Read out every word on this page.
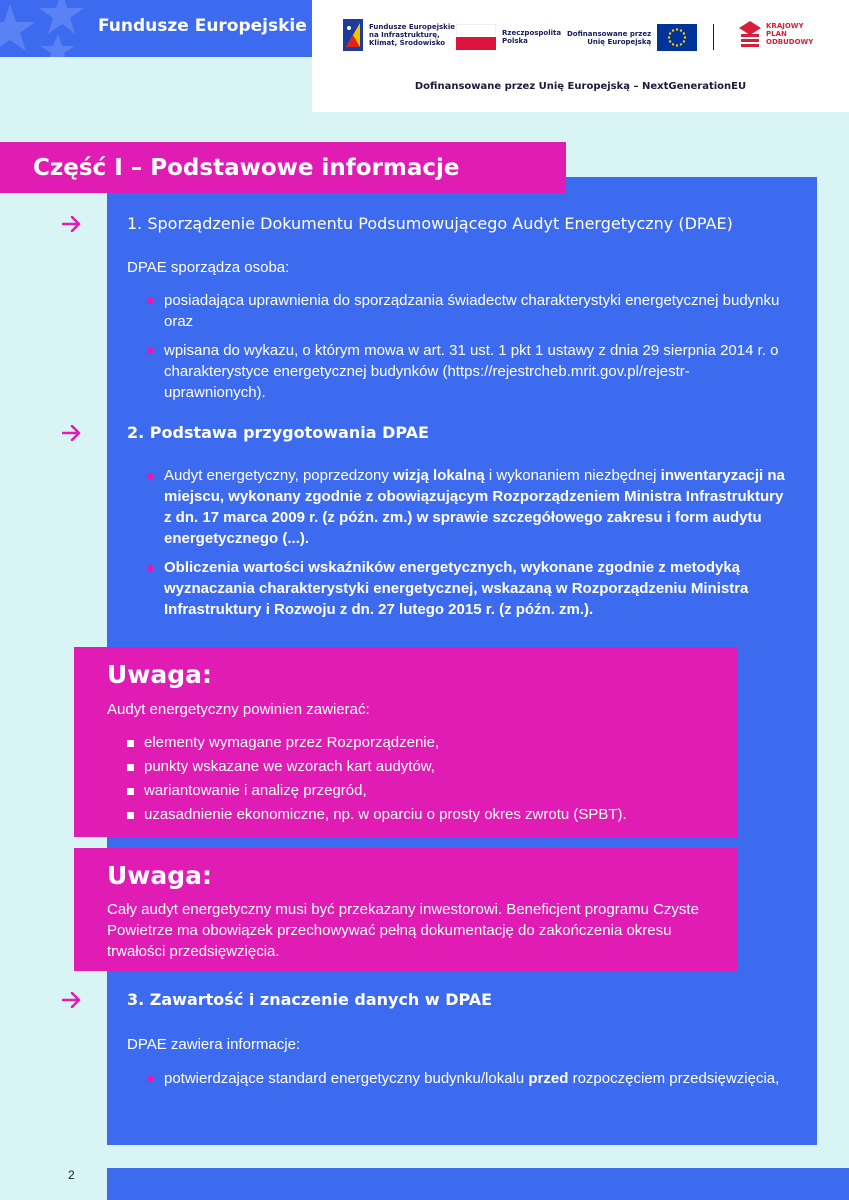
Fundusze Europejskie	Fundusze Europejskie
na Infrastrukturę,
Klimat, Środowisko
Rzeczpospolita
Polska
Dofinansowane przez
Unię Europejską
KRAJOWY
PLAN
ODBUDOWY
Dofinansowane przez Unię Europejską – NextGenerationEU
Część I – Podstawowe informacje
1. Sporządzenie Dokumentu Podsumowującego Audyt Energetyczny (DPAE)
DPAE sporządza osoba:
posiadająca uprawnienia do sporządzania świadectw charakterystyki energetycznej budynku oraz
wpisana do wykazu, o którym mowa w art. 31 ust. 1 pkt 1 ustawy z dnia 29 sierpnia 2014 r. o charakterystyce energetycznej budynków (https://rejestrcheb.mrit.gov.pl/rejestr-uprawnionych).
2. Podstawa przygotowania DPAE
Audyt energetyczny, poprzedzony wizją lokalną i wykonaniem niezbędnej inwentaryzacji na miejscu, wykonany zgodnie z obowiązującym Rozporządzeniem Ministra Infrastruktury z dn. 17 marca 2009 r. (z późn. zm.) w sprawie szczegółowego zakresu i form audytu energetycznego (...).
Obliczenia wartości wskaźników energetycznych, wykonane zgodnie z metodyką wyznaczania charakterystyki energetycznej, wskazaną w Rozporządzeniu Ministra Infrastruktury i Rozwoju z dn. 27 lutego 2015 r. (z późn. zm.).
Uwaga:
Audyt energetyczny powinien zawierać:
elementy wymagane przez Rozporządzenie,
punkty wskazane we wzorach kart audytów,
wariantowanie i analizę przegród,
uzasadnienie ekonomiczne, np. w oparciu o prosty okres zwrotu (SPBT).
Uwaga:
Cały audyt energetyczny musi być przekazany inwestorowi. Beneficjent programu Czyste Powietrze ma obowiązek przechowywać pełną dokumentację do zakończenia okresu trwałości przedsięwzięcia.
3. Zawartość i znaczenie danych w DPAE
DPAE zawiera informacje:
potwierdzające standard energetyczny budynku/lokalu przed rozpoczęciem przedsięwzięcia,
2
